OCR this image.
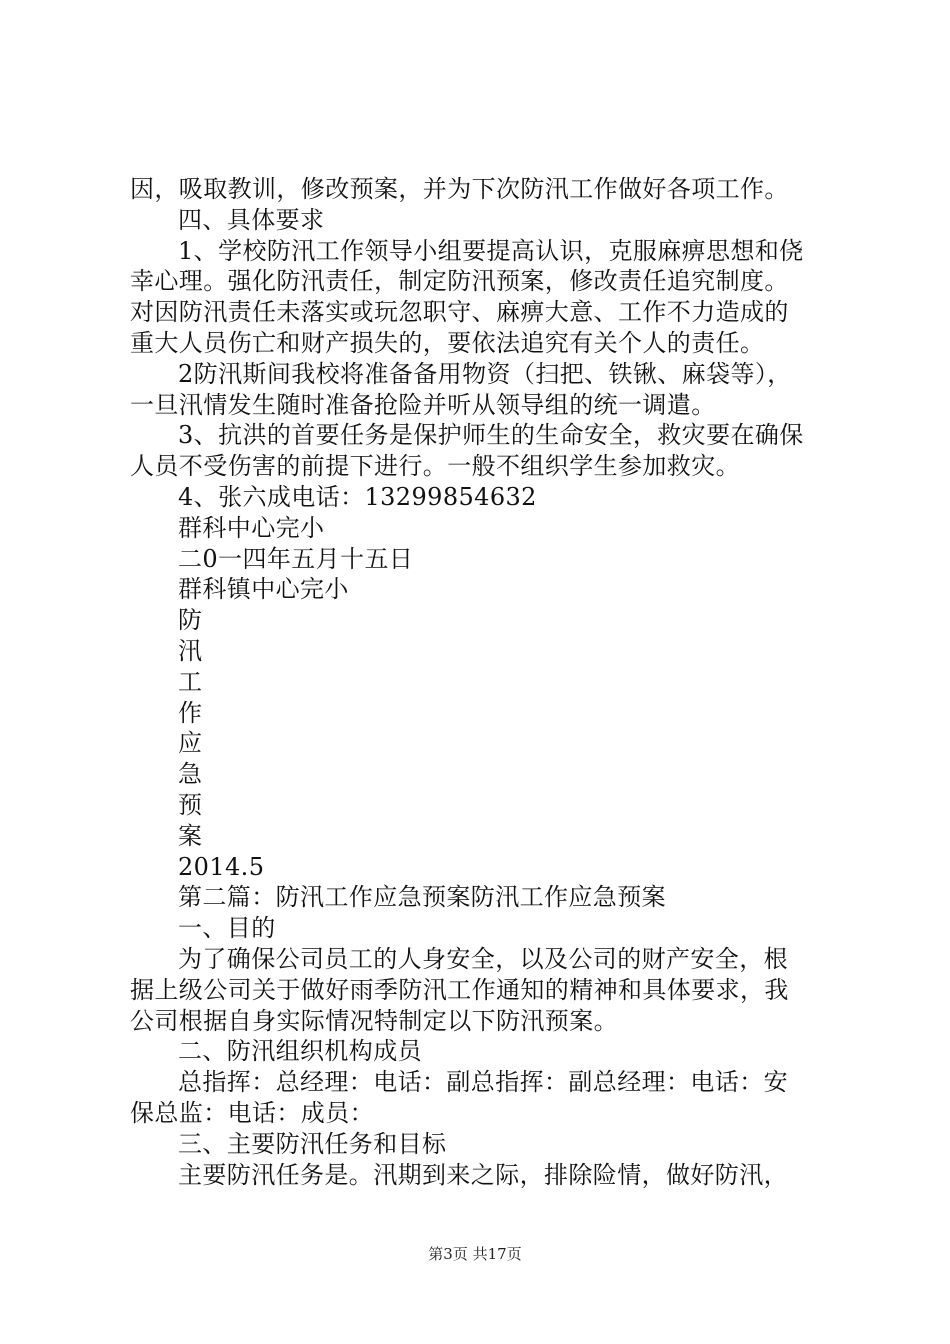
因，吸取教训，修改预案，并为下次防汛工作做好各项工作。
四、具体要求
1、学校防汛工作领导小组要提高认识，克服麻痹思想和侥
幸心理。强化防汛责任，制定防汛预案，修改责任追究制度。
对因防汛责任未落实或玩忽职守、麻痹大意、工作不力造成的
重大人员伤亡和财产损失的，要依法追究有关个人的责任。
2防汛斯间我校将准备备用物资（扫把、铁锹、麻袋等），
一旦汛情发生随时准备抢险并听从领导组的统一调遣。
3、抗洪的首要任务是保护师生的生命安全，救灾要在确保
人员不受伤害的前提下进行。一般不组织学生参加救灾。
4、张六成电话：13299854632
群科中心完小
二0一四年五月十五日
群科镇中心完小
防
汛
工
作
应
急
预
案
2014.5
第二篇：防汛工作应急预案防汛工作应急预案
一、目的
为了确保公司员工的人身安全，以及公司的财产安全，根
据上级公司关于做好雨季防汛工作通知的精神和具体要求，我
公司根据自身实际情况特制定以下防汛预案。
二、防汛组织机构成员
总指挥：总经理：电话：副总指挥：副总经理：电话：安
保总监：电话：成员：
三、主要防汛任务和目标
主要防汛任务是。汛期到来之际，排除险情，做好防汛，
第3页 共17页
